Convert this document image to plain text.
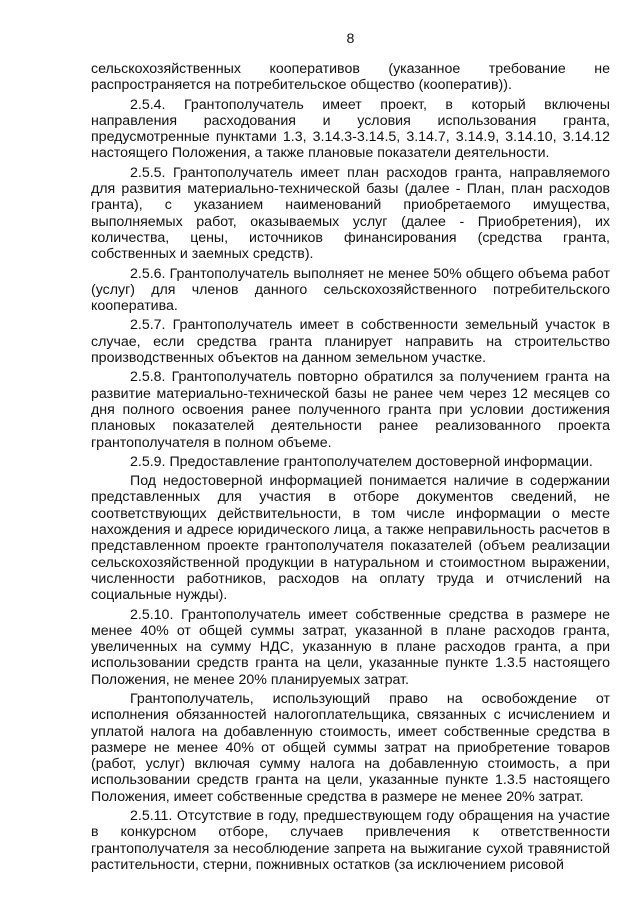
8

сельскохозяйственных кооперативов (указанное требование не распространяется на потребительское общество (кооператив)).

2.5.4. Грантополучатель имеет проект, в который включены направления расходования и условия использования гранта, предусмотренные пунктами 1.3, 3.14.3-3.14.5, 3.14.7, 3.14.9, 3.14.10, 3.14.12 настоящего Положения, а также плановые показатели деятельности.

2.5.5. Грантополучатель имеет план расходов гранта, направляемого для развития материально-технической базы (далее - План, план расходов гранта), с указанием наименований приобретаемого имущества, выполняемых работ, оказываемых услуг (далее - Приобретения), их количества, цены, источников финансирования (средства гранта, собственных и заемных средств).

2.5.6. Грантополучатель выполняет не менее 50% общего объема работ (услуг) для членов данного сельскохозяйственного потребительского кооператива.

2.5.7. Грантополучатель имеет в собственности земельный участок в случае, если средства гранта планирует направить на строительство производственных объектов на данном земельном участке.

2.5.8. Грантополучатель повторно обратился за получением гранта на развитие материально-технической базы не ранее чем через 12 месяцев со дня полного освоения ранее полученного гранта при условии достижения плановых показателей деятельности ранее реализованного проекта грантополучателя в полном объеме.

2.5.9. Предоставление грантополучателем достоверной информации.

Под недостоверной информацией понимается наличие в содержании представленных для участия в отборе документов сведений, не соответствующих действительности, в том числе информации о месте нахождения и адресе юридического лица, а также неправильность расчетов в представленном проекте грантополучателя показателей (объем реализации сельскохозяйственной продукции в натуральном и стоимостном выражении, численности работников, расходов на оплату труда и отчислений на социальные нужды).

2.5.10. Грантополучатель имеет собственные средства в размере не менее 40% от общей суммы затрат, указанной в плане расходов гранта, увеличенных на сумму НДС, указанную в плане расходов гранта, а при использовании средств гранта на цели, указанные пункте 1.3.5 настоящего Положения, не менее 20% планируемых затрат.

Грантополучатель, использующий право на освобождение от исполнения обязанностей налогоплательщика, связанных с исчислением и уплатой налога на добавленную стоимость, имеет собственные средства в размере не менее 40% от общей суммы затрат на приобретение товаров (работ, услуг) включая сумму налога на добавленную стоимость, а при использовании средств гранта на цели, указанные пункте 1.3.5 настоящего Положения, имеет собственные средства в размере не менее 20% затрат.

2.5.11. Отсутствие в году, предшествующем году обращения на участие в конкурсном отборе, случаев привлечения к ответственности грантополучателя за несоблюдение запрета на выжигание сухой травянистой растительности, стерни, пожнивных остатков (за исключением рисовой
